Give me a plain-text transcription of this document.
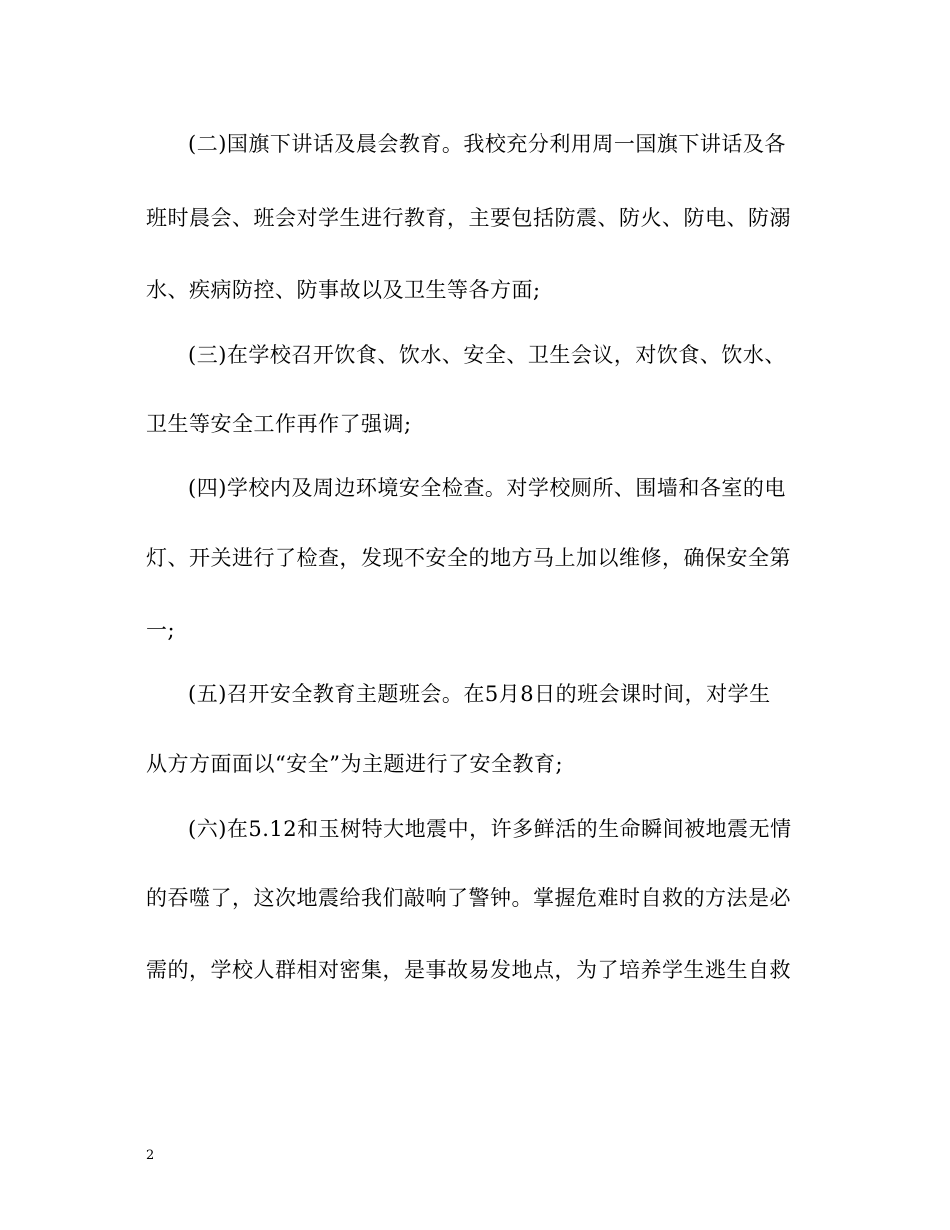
(二)国旗下讲话及晨会教育。我校充分利用周一国旗下讲话及各
班时晨会、班会对学生进行教育，主要包括防震、防火、防电、防溺
水、疾病防控、防事故以及卫生等各方面;
(三)在学校召开饮食、饮水、安全、卫生会议，对饮食、饮水、
卫生等安全工作再作了强调;
(四)学校内及周边环境安全检查。对学校厕所、围墙和各室的电
灯、开关进行了检查，发现不安全的地方马上加以维修，确保安全第
一;
(五)召开安全教育主题班会。在5月8日的班会课时间，对学生
从方方面面以“安全”为主题进行了安全教育;
(六)在5.12和玉树特大地震中，许多鲜活的生命瞬间被地震无情
的吞噬了，这次地震给我们敲响了警钟。掌握危难时自救的方法是必
需的，学校人群相对密集，是事故易发地点，为了培养学生逃生自救
2
